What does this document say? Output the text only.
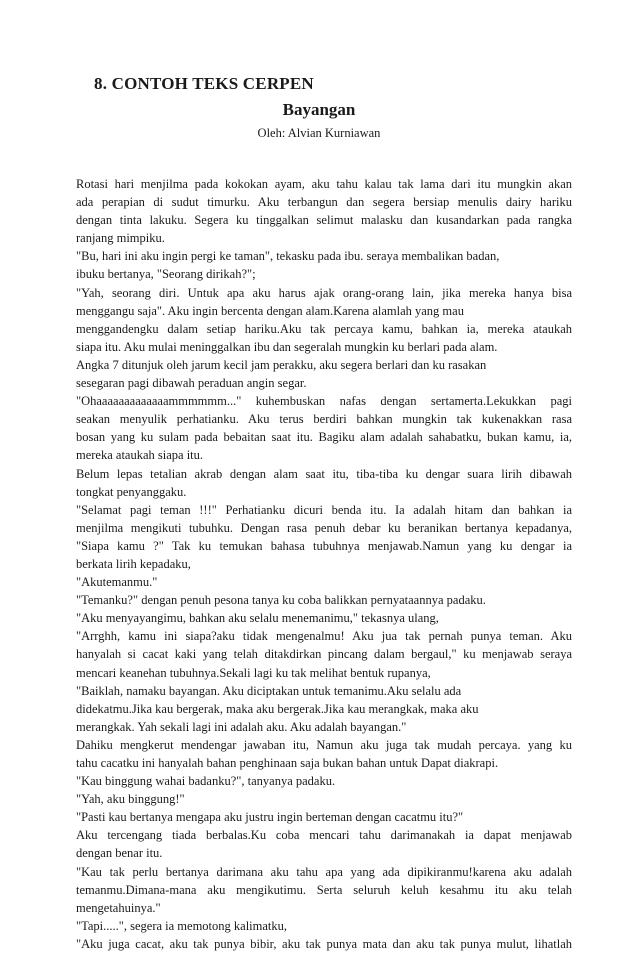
8. CONTOH TEKS CERPEN
Bayangan
Oleh: Alvian Kurniawan
Rotasi hari menjilma pada kokokan ayam, aku tahu kalau tak lama dari itu mungkin akan
ada perapian di sudut timurku. Aku terbangun dan segera bersiap menulis dairy hariku
dengan tinta lakuku. Segera ku tinggalkan selimut malasku dan kusandarkan pada rangka
ranjang mimpiku.
"Bu, hari ini aku ingin pergi ke taman", tekasku pada ibu. seraya membalikan badan,
ibuku bertanya, "Seorang dirikah?";
"Yah, seorang diri. Untuk apa aku harus ajak orang-orang lain, jika mereka hanya bisa
menggangu saja". Aku ingin bercenta dengan alam.Karena alamlah yang mau
menggandengku dalam setiap hariku.Aku tak percaya kamu, bahkan ia, mereka ataukah
siapa itu. Aku mulai meninggalkan ibu dan segeralah mungkin ku berlari pada alam.
Angka 7 ditunjuk oleh jarum kecil jam perakku, aku segera berlari dan ku rasakan
sesegaran pagi dibawah peraduan angin segar.
"Ohaaaaaaaaaaaaammmmmm..." kuhembuskan nafas dengan sertamerta.Lekukkan pagi
seakan menyulik perhatianku. Aku terus berdiri bahkan mungkin tak kukenakkan rasa
bosan yang ku sulam pada bebaitan saat itu. Bagiku alam adalah sahabatku, bukan kamu, ia,
mereka ataukah siapa itu.
Belum lepas tetalian akrab dengan alam saat itu, tiba-tiba ku dengar suara lirih dibawah
tongkat penyanggaku.
"Selamat pagi teman !!!" Perhatianku dicuri benda itu. Ia adalah hitam dan bahkan ia
menjilma mengikuti tubuhku. Dengan rasa penuh debar ku beranikan bertanya kepadanya,
"Siapa kamu ?" Tak ku temukan bahasa tubuhnya menjawab.Namun yang ku dengar ia
berkata lirih kepadaku,
"Akutemanmu."
"Temanku?" dengan penuh pesona tanya ku coba balikkan pernyataannya padaku.
"Aku menyayangimu, bahkan aku selalu menemanimu," tekasnya ulang,
"Arrghh, kamu ini siapa?aku tidak mengenalmu! Aku jua tak pernah punya teman. Aku
hanyalah si cacat kaki yang telah ditakdirkan pincang dalam bergaul," ku menjawab seraya
mencari keanehan tubuhnya.Sekali lagi ku tak melihat bentuk rupanya,
"Baiklah, namaku bayangan. Aku diciptakan untuk temanimu.Aku selalu ada
didekatmu.Jika kau bergerak, maka aku bergerak.Jika kau merangkak, maka aku
merangkak. Yah sekali lagi ini adalah aku. Aku adalah bayangan."
Dahiku mengkerut mendengar jawaban itu, Namun aku juga tak mudah percaya. yang ku
tahu cacatku ini hanyalah bahan penghinaan saja bukan bahan untuk Dapat diakrapi.
"Kau binggung wahai badanku?", tanyanya padaku.
"Yah, aku binggung!"
"Pasti kau bertanya mengapa aku justru ingin berteman dengan cacatmu itu?"
Aku tercengang tiada berbalas.Ku coba mencari tahu darimanakah ia dapat menjawab
dengan benar itu.
"Kau tak perlu bertanya darimana aku tahu apa yang ada dipikiranmu!karena aku adalah
temanmu.Dimana-mana aku mengikutimu. Serta seluruh keluh kesahmu itu aku telah
mengetahuinya."
"Tapi.....", segera ia memotong kalimatku,
"Aku juga cacat, aku tak punya bibir, aku tak punya mata dan aku tak punya mulut, lihatlah
